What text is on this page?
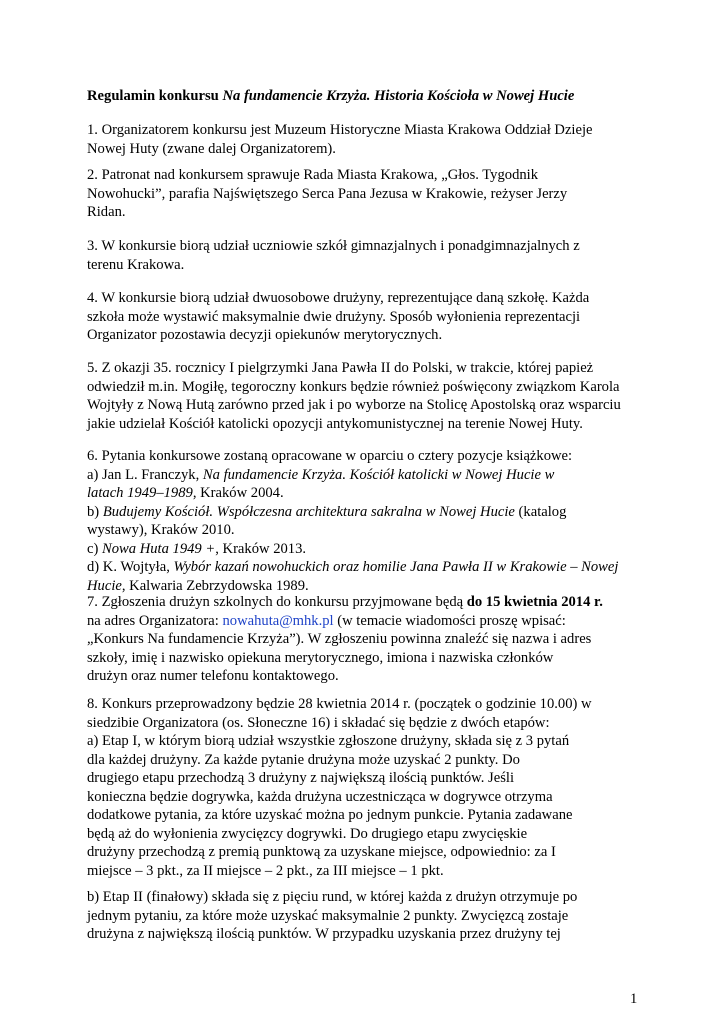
Regulamin konkursu Na fundamencie Krzyża. Historia Kościoła w Nowej Hucie
1. Organizatorem konkursu jest Muzeum Historyczne Miasta Krakowa Oddział Dzieje
Nowej Huty (zwane dalej Organizatorem).
2. Patronat nad konkursem sprawuje Rada Miasta Krakowa, „Głos. Tygodnik
Nowohucki”, parafia Najświętszego Serca Pana Jezusa w Krakowie, reżyser Jerzy
Ridan.
3. W konkursie biorą udział uczniowie szkół gimnazjalnych i ponadgimnazjalnych z
terenu Krakowa.
4. W konkursie biorą udział dwuosobowe drużyny, reprezentujące daną szkołę. Każda
szkoła może wystawić maksymalnie dwie drużyny. Sposób wyłonienia reprezentacji
Organizator pozostawia decyzji opiekunów merytorycznych.
5. Z okazji 35. rocznicy I pielgrzymki Jana Pawła II do Polski, w trakcie, której papież
odwiedził m.in. Mogiłę, tegoroczny konkurs będzie również poświęcony związkom Karola
Wojtyły z Nową Hutą zarówno przed jak i po wyborze na Stolicę Apostolską oraz wsparciu
jakie udzielał Kościół katolicki opozycji antykomunistycznej na terenie Nowej Huty.
6. Pytania konkursowe zostaną opracowane w oparciu o cztery pozycje książkowe:
a) Jan L. Franczyk, Na fundamencie Krzyża. Kościół katolicki w Nowej Hucie w
latach 1949–1989, Kraków 2004.
b) Budujemy Kościół. Współczesna architektura sakralna w Nowej Hucie (katalog
wystawy), Kraków 2010.
c) Nowa Huta 1949 +, Kraków 2013.
d) K. Wojtyła, Wybór kazań nowohuckich oraz homilie Jana Pawła II w Krakowie – Nowej
Hucie, Kalwaria Zebrzydowska 1989.
7. Zgłoszenia drużyn szkolnych do konkursu przyjmowane będą do 15 kwietnia 2014 r.
na adres Organizatora: nowahuta@mhk.pl (w temacie wiadomości proszę wpisać:
„Konkurs Na fundamencie Krzyża”). W zgłoszeniu powinna znaleźć się nazwa i adres
szkoły, imię i nazwisko opiekuna merytorycznego, imiona i nazwiska członków
drużyn oraz numer telefonu kontaktowego.
8. Konkurs przeprowadzony będzie 28 kwietnia 2014 r. (początek o godzinie 10.00) w
siedzibie Organizatora (os. Słoneczne 16) i składać się będzie z dwóch etapów:
a) Etap I, w którym biorą udział wszystkie zgłoszone drużyny, składa się z 3 pytań
dla każdej drużyny. Za każde pytanie drużyna może uzyskać 2 punkty. Do
drugiego etapu przechodzą 3 drużyny z największą ilością punktów. Jeśli
konieczna będzie dogrywka, każda drużyna uczestnicząca w dogrywce otrzyma
dodatkowe pytania, za które uzyskać można po jednym punkcie. Pytania zadawane
będą aż do wyłonienia zwycięzcy dogrywki. Do drugiego etapu zwycięskie
drużyny przechodzą z premią punktową za uzyskane miejsce, odpowiednio: za I
miejsce – 3 pkt., za II miejsce – 2 pkt., za III miejsce – 1 pkt.
b) Etap II (finałowy) składa się z pięciu rund, w której każda z drużyn otrzymuje po
jednym pytaniu, za które może uzyskać maksymalnie 2 punkty. Zwycięzcą zostaje
drużyna z największą ilością punktów. W przypadku uzyskania przez drużyny tej
1
